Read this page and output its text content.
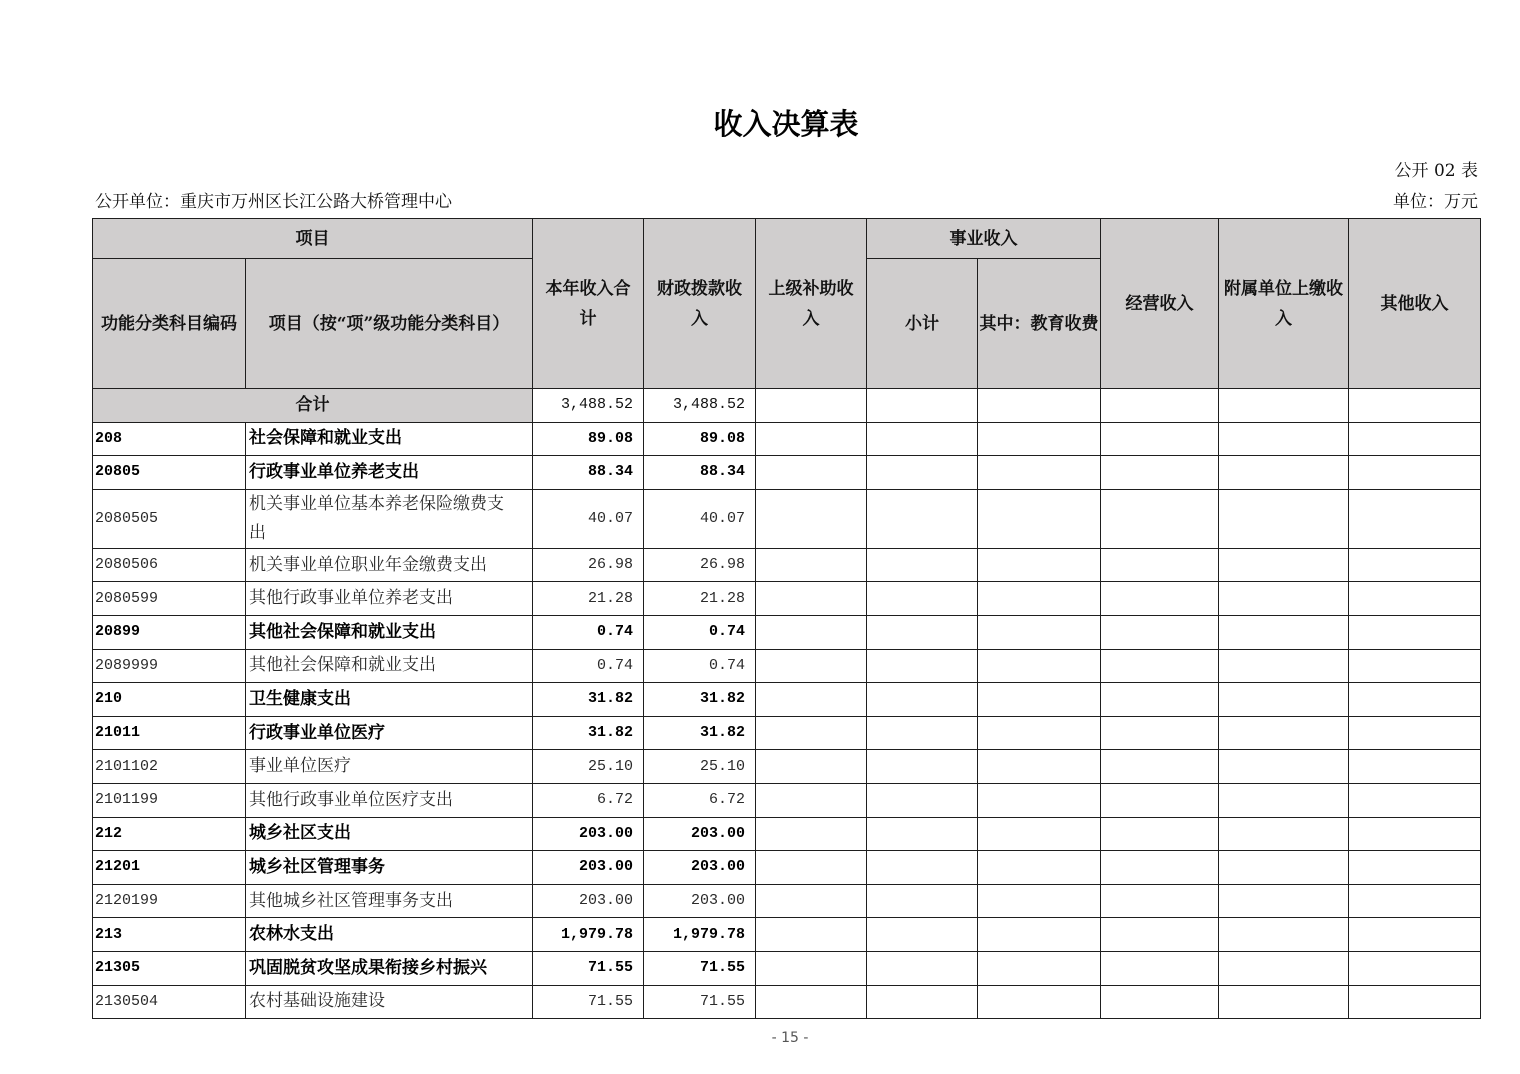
收入决算表
公开 02 表
公开单位：重庆市万州区长江公路大桥管理中心	单位：万元
项目		本年收入合计	财政拨款收入	上级补助收入	事业收入		经营收入	附属单位上缴收入	其他收入
功能分类科目编码	项目（按“项”级功能分类科目）				小计	其中：教育收费			
合计		3,488.52	3,488.52						
208	社会保障和就业支出	89.08	89.08						
20805	行政事业单位养老支出	88.34	88.34						
2080505	机关事业单位基本养老保险缴费支出	40.07	40.07						
2080506	机关事业单位职业年金缴费支出	26.98	26.98						
2080599	其他行政事业单位养老支出	21.28	21.28						
20899	其他社会保障和就业支出	0.74	0.74						
2089999	其他社会保障和就业支出	0.74	0.74						
210	卫生健康支出	31.82	31.82						
21011	行政事业单位医疗	31.82	31.82						
2101102	事业单位医疗	25.10	25.10						
2101199	其他行政事业单位医疗支出	6.72	6.72						
212	城乡社区支出	203.00	203.00						
21201	城乡社区管理事务	203.00	203.00						
2120199	其他城乡社区管理事务支出	203.00	203.00						
213	农林水支出	1,979.78	1,979.78						
21305	巩固脱贫攻坚成果衔接乡村振兴	71.55	71.55						
2130504	农村基础设施建设	71.55	71.55						
- 15 -
